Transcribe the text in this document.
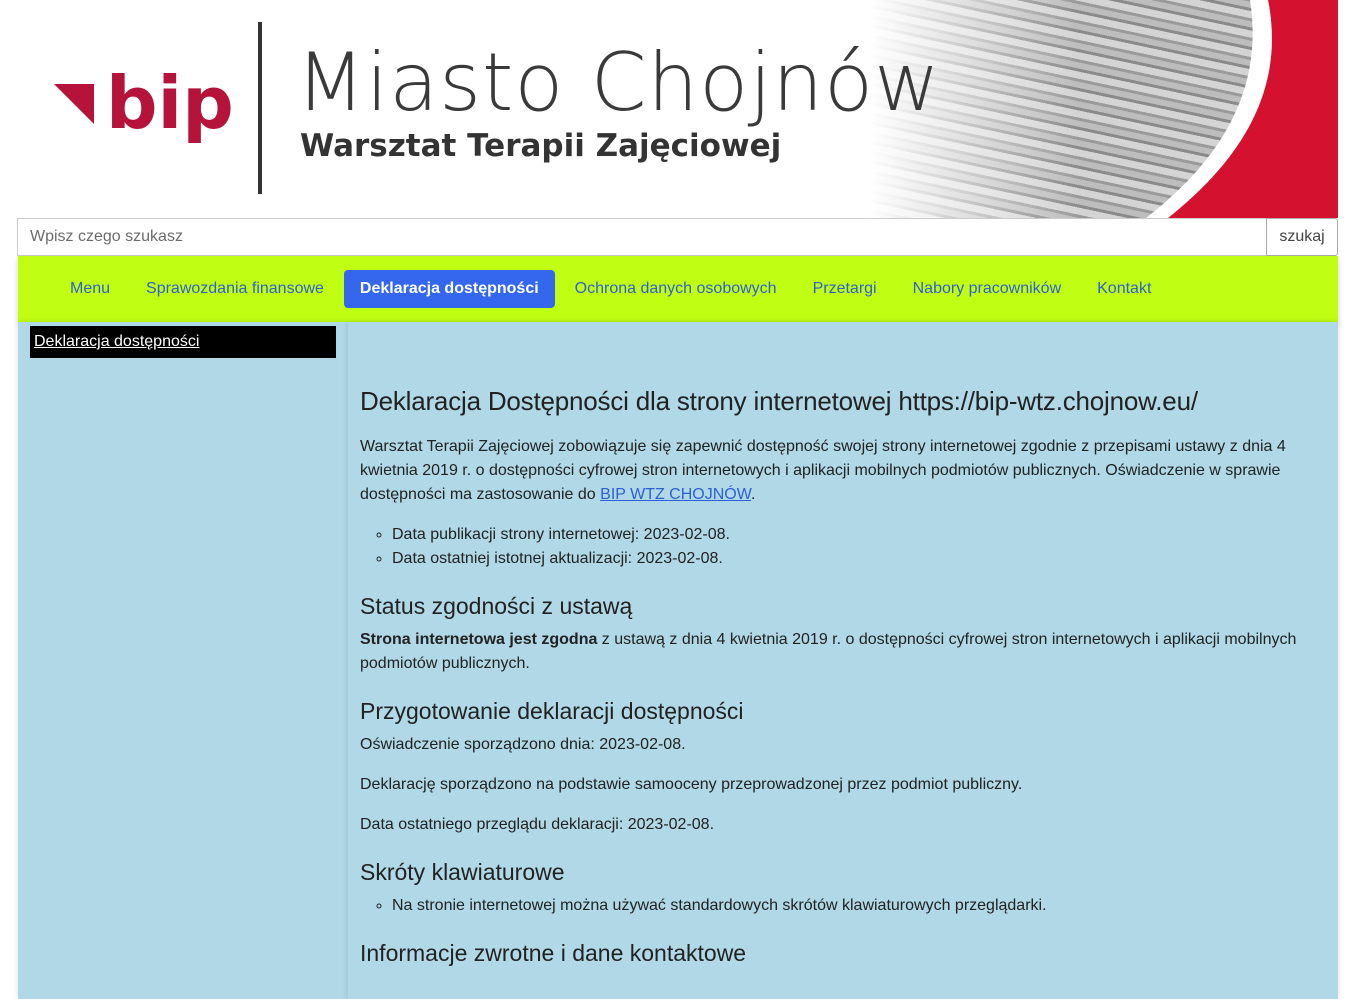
bip Miasto Chojnów
Warsztat Terapii Zajęciowej
Wpisz czego szukasz
szukaj
Menu	Sprawozdania finansowe	Deklaracja dostępności	Ochrona danych osobowych	Przetargi	Nabory pracowników	Kontakt
Deklaracja dostępności
Deklaracja Dostępności dla strony internetowej https://bip-wtz.chojnow.eu/

Warsztat Terapii Zajęciowej zobowiązuje się zapewnić dostępność swojej strony internetowej zgodnie z przepisami ustawy z dnia 4 kwietnia 2019 r. o dostępności cyfrowej stron internetowych i aplikacji mobilnych podmiotów publicznych. Oświadczenie w sprawie dostępności ma zastosowanie do BIP WTZ CHOJNÓW.

◦ Data publikacji strony internetowej: 2023-02-08.
◦ Data ostatniej istotnej aktualizacji: 2023-02-08.
Status zgodności z ustawą

Strona internetowa jest zgodna z ustawą z dnia 4 kwietnia 2019 r. o dostępności cyfrowej stron internetowych i aplikacji mobilnych podmiotów publicznych.

Przygotowanie deklaracji dostępności

Oświadczenie sporządzono dnia: 2023-02-08.

Deklarację sporządzono na podstawie samooceny przeprowadzonej przez podmiot publiczny.

Data ostatniego przeglądu deklaracji: 2023-02-08.

Skróty klawiaturowe
◦ Na stronie internetowej można używać standardowych skrótów klawiaturowych przeglądarki.
Informacje zwrotne i dane kontaktowe
